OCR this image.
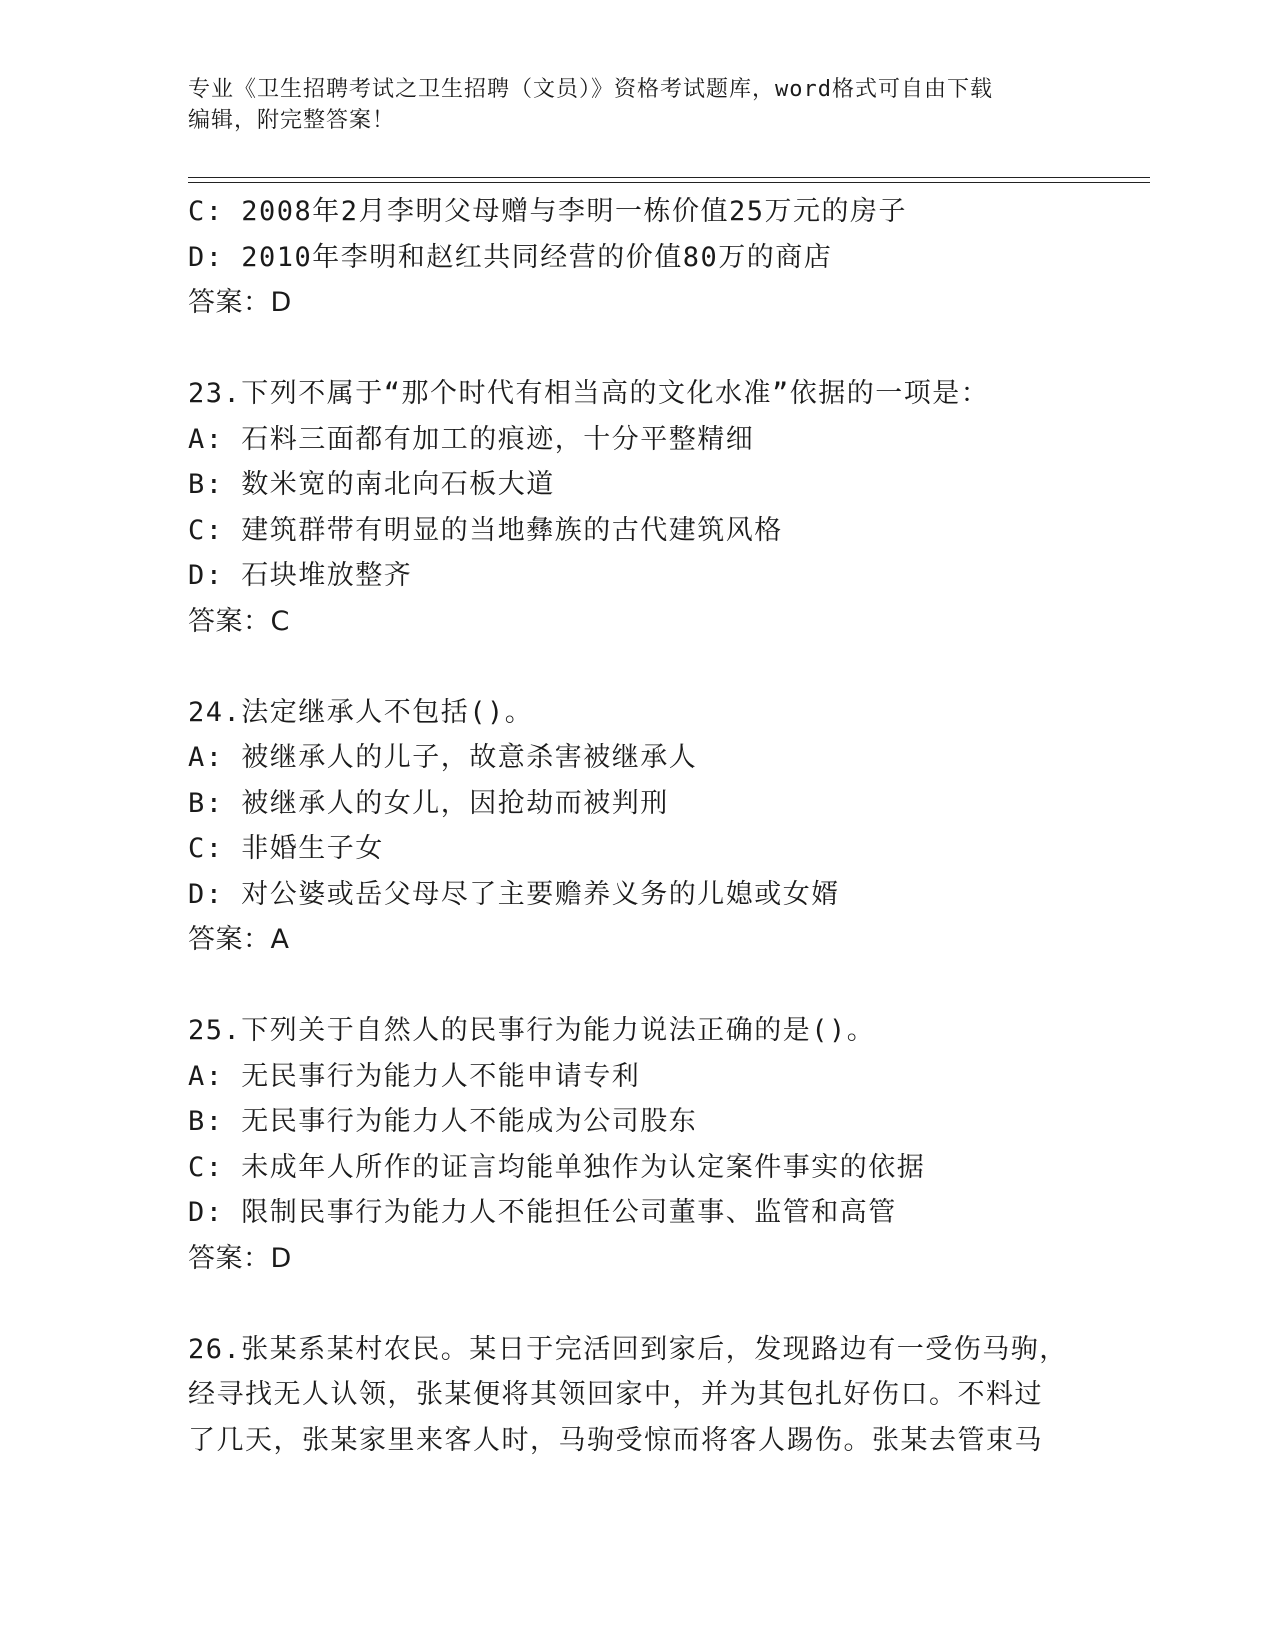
专业《卫生招聘考试之卫生招聘（文员）》资格考试题库，word格式可自由下载
编辑，附完整答案！
C: 2008年2月李明父母赠与李明一栋价值25万元的房子
D: 2010年李明和赵红共同经营的价值80万的商店
答案：D
23.下列不属于“那个时代有相当高的文化水准”依据的一项是：
A: 石料三面都有加工的痕迹，十分平整精细
B: 数米宽的南北向石板大道
C: 建筑群带有明显的当地彝族的古代建筑风格
D: 石块堆放整齐
答案：C
24.法定继承人不包括()。
A: 被继承人的儿子，故意杀害被继承人
B: 被继承人的女儿，因抢劫而被判刑
C: 非婚生子女
D: 对公婆或岳父母尽了主要赡养义务的儿媳或女婿
答案：A
25.下列关于自然人的民事行为能力说法正确的是()。
A: 无民事行为能力人不能申请专利
B: 无民事行为能力人不能成为公司股东
C: 未成年人所作的证言均能单独作为认定案件事实的依据
D: 限制民事行为能力人不能担任公司董事、监管和高管
答案：D
26.张某系某村农民。某日于完活回到家后，发现路边有一受伤马驹，
经寻找无人认领，张某便将其领回家中，并为其包扎好伤口。不料过
了几天，张某家里来客人时，马驹受惊而将客人踢伤。张某去管束马
